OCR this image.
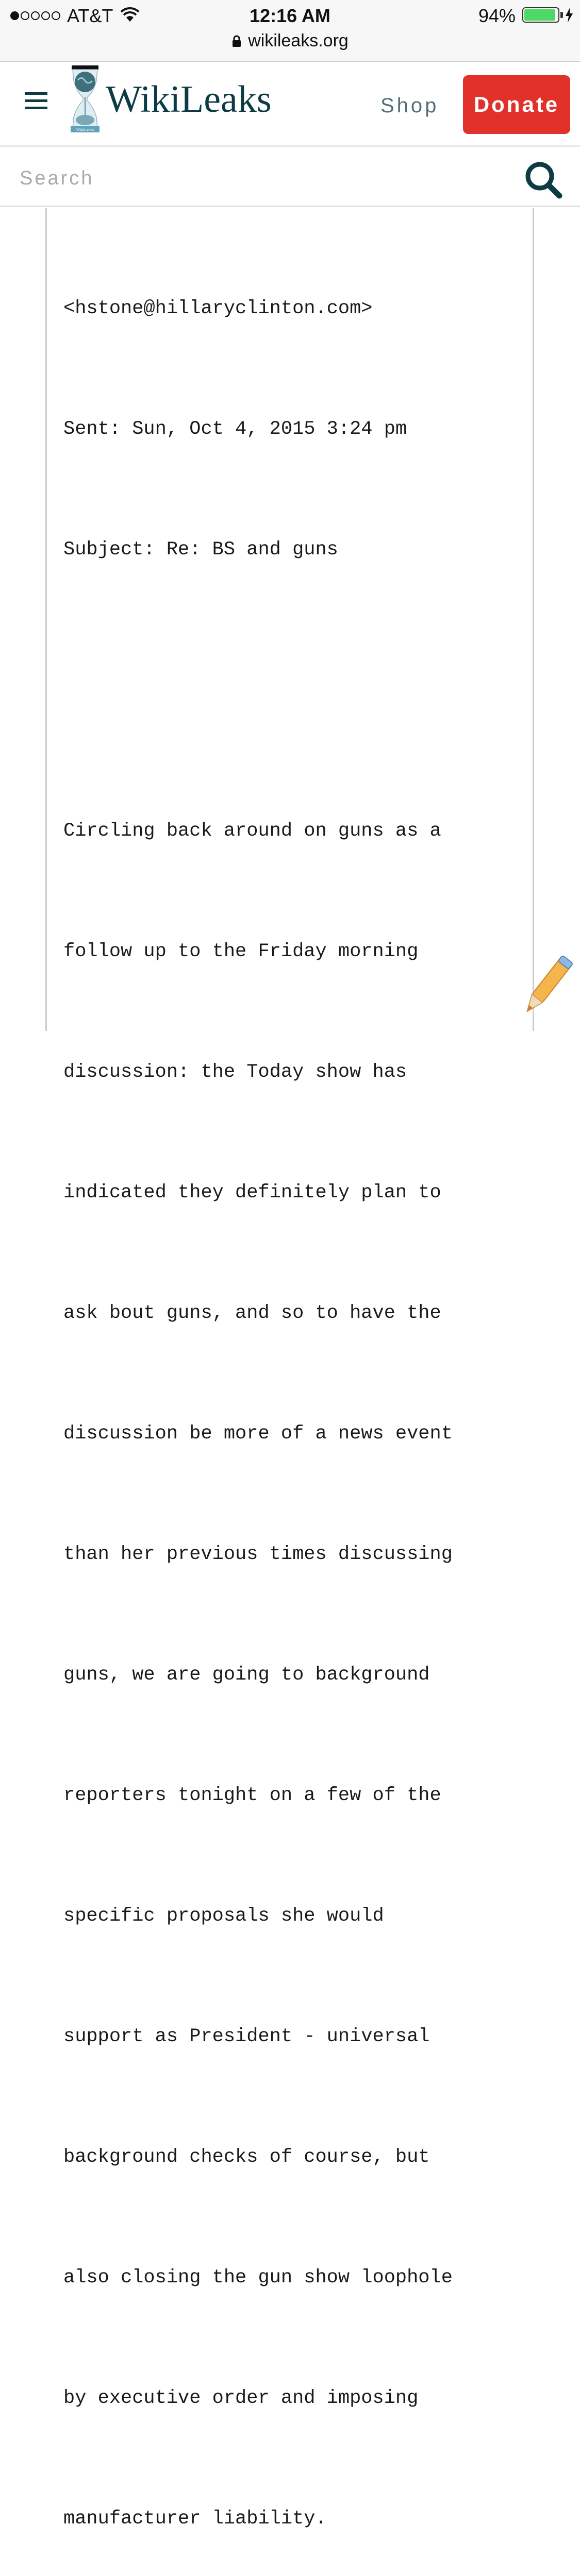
AT&T	12:16 AM	94%
wikileaks.org
WikiLeaks
WikiLeaks	Shop	Donate
Search

<hstone@hillaryclinton.com>

Sent: Sun, Oct 4, 2015 3:24 pm

Subject: Re: BS and guns

Circling back around on guns as a

follow up to the Friday morning

discussion: the Today show has

indicated they definitely plan to

ask bout guns, and so to have the

discussion be more of a news event

than her previous times discussing

guns, we are going to background

reporters tonight on a few of the

specific proposals she would

support as President - universal

background checks of course, but

also closing the gun show loophole

by executive order and imposing

manufacturer liability.
